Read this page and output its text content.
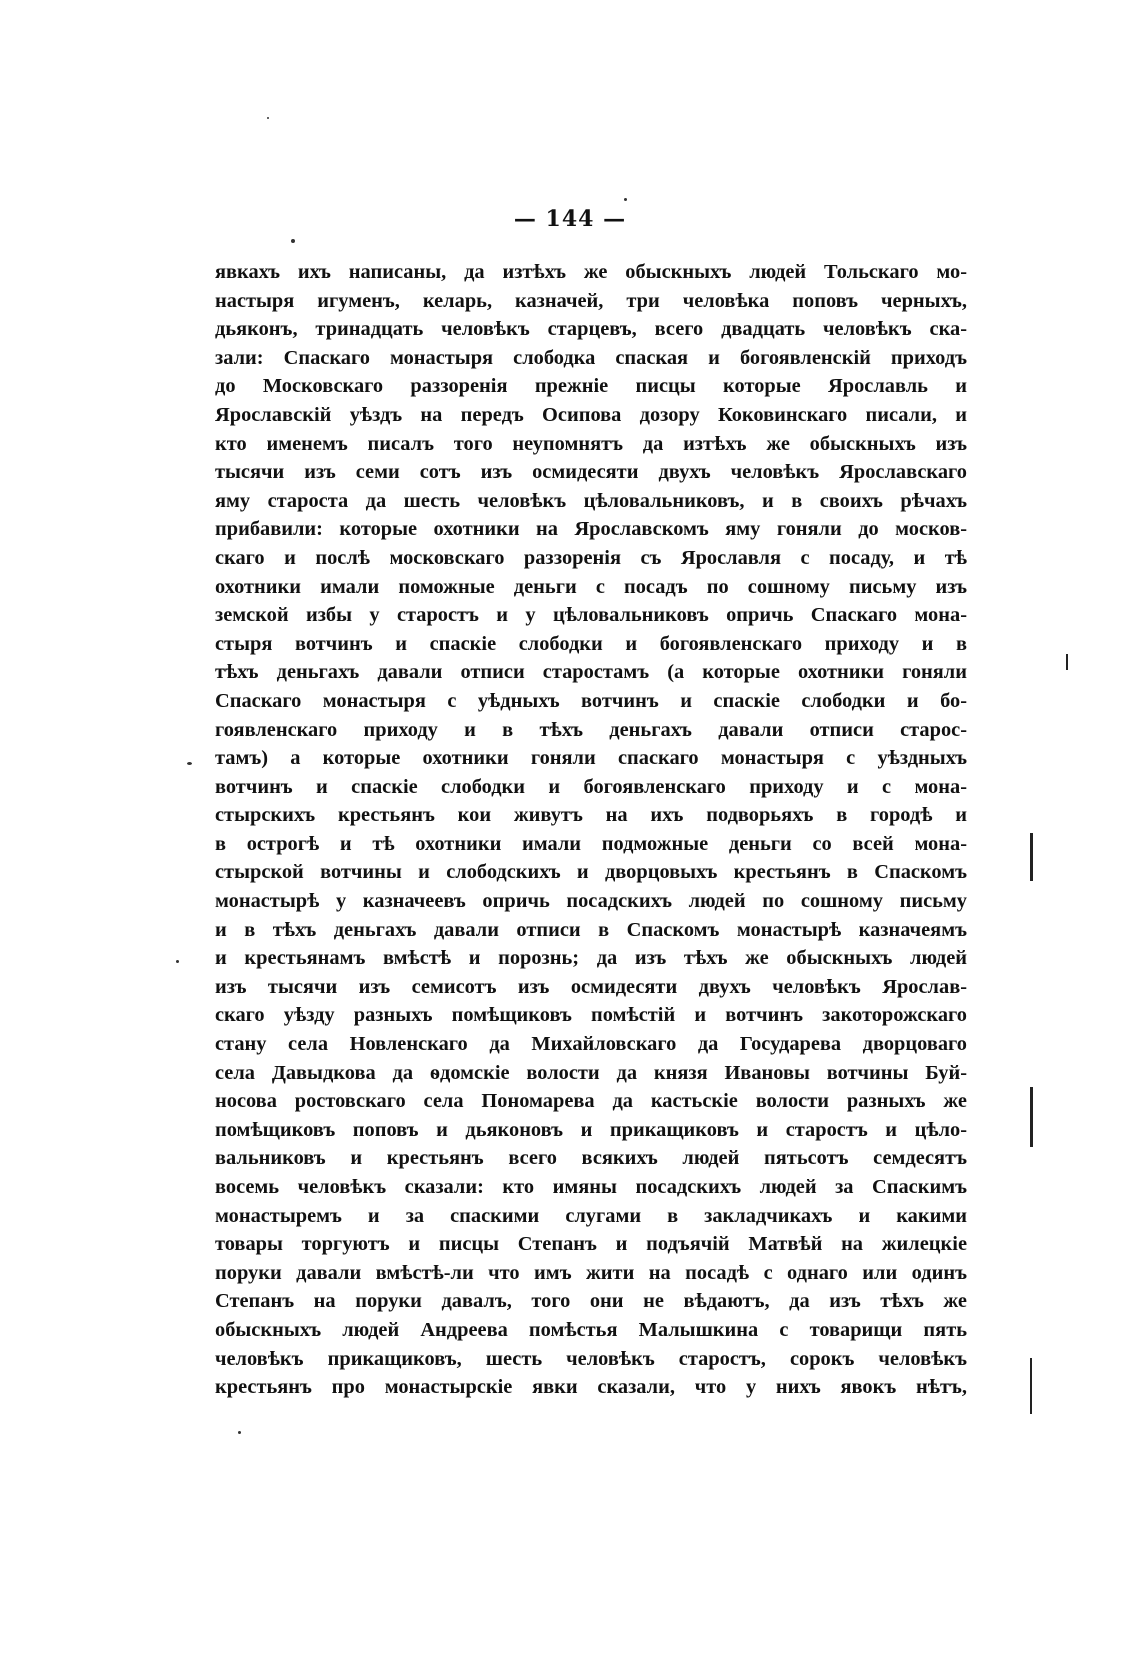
— 144 —
явкахъ ихъ написаны, да изтѣхъ же обыскныхъ людей Тольскаго мо-
настыря игуменъ, келарь, казначей, три человѣка поповъ черныхъ,
дьяконъ, тринадцать человѣкъ старцевъ, всего двадцать человѣкъ ска-
зали: Спаскаго монастыря слободка спаская и богоявленскій приходъ
до Московскаго раззоренія прежніе писцы которые Ярославль и
Ярославскій уѣздъ на передъ Осипова дозору Коковинскаго писали, и
кто именемъ писалъ того неупомнятъ да изтѣхъ же обыскныхъ изъ
тысячи изъ семи сотъ изъ осмидесяти двухъ человѣкъ Ярославскаго
яму староста да шесть человѣкъ цѣловальниковъ, и в своихъ рѣчахъ
прибавили: которые охотники на Ярославскомъ яму гоняли до москов-
скаго и послѣ московскаго раззоренія съ Ярославля с посаду, и тѣ
охотники имали поможные деньги с посадъ по сошному письму изъ
земской избы у старостъ и у цѣловальниковъ опричь Спаскаго мона-
стыря вотчинъ и спаскіе слободки и богоявленскаго приходу и в
тѣхъ деньгахъ давали отписи старостамъ (а которые охотники гоняли
Спаскаго монастыря с уѣдныхъ вотчинъ и спаскіе слободки и бо-
гоявленскаго приходу и в тѣхъ деньгахъ давали отписи старос-
тамъ) а которые охотники гоняли спаскаго монастыря с уѣздныхъ
вотчинъ и спаскіе слободки и богоявленскаго приходу и с мона-
стырскихъ крестьянъ кои живутъ на ихъ подворьяхъ в городѣ и
в острогѣ и тѣ охотники имали подможные деньги со всей мона-
стырской вотчины и слободскихъ и дворцовыхъ крестьянъ в Спаскомъ
монастырѣ у казначеевъ опричь посадскихъ людей по сошному письму
и в тѣхъ деньгахъ давали отписи в Спаскомъ монастырѣ казначеямъ
и крестьянамъ вмѣстѣ и порознь; да изъ тѣхъ же обыскныхъ людей
изъ тысячи изъ семисотъ изъ осмидесяти двухъ человѣкъ Ярослав-
скаго уѣзду разныхъ помѣщиковъ помѣстій и вотчинъ закоторожскаго
стану села Новленскаго да Михайловскаго да Государева дворцоваго
села Давыдкова да ѳдомскіе волости да князя Ивановы вотчины Буй-
носова ростовскаго села Пономарева да кастьскіе волости разныхъ же
помѣщиковъ поповъ и дьяконовъ и прикащиковъ и старостъ и цѣло-
вальниковъ и крестьянъ всего всякихъ людей пятьсотъ семдесятъ
восемь человѣкъ сказали: кто имяны посадскихъ людей за Спаскимъ
монастыремъ и за спаскими слугами в закладчикахъ и какими
товары торгуютъ и писцы Степанъ и подъячій Матвѣй на жилецкіе
поруки давали вмѣстѣ-ли что имъ жити на посадѣ с однаго или одинъ
Степанъ на поруки давалъ, того они не вѣдаютъ, да изъ тѣхъ же
обыскныхъ людей Андреева помѣстья Малышкина с товарищи пять
человѣкъ прикащиковъ, шесть человѣкъ старостъ, сорокъ человѣкъ
крестьянъ про монастырскіе явки сказали, что у нихъ явокъ нѣтъ,
